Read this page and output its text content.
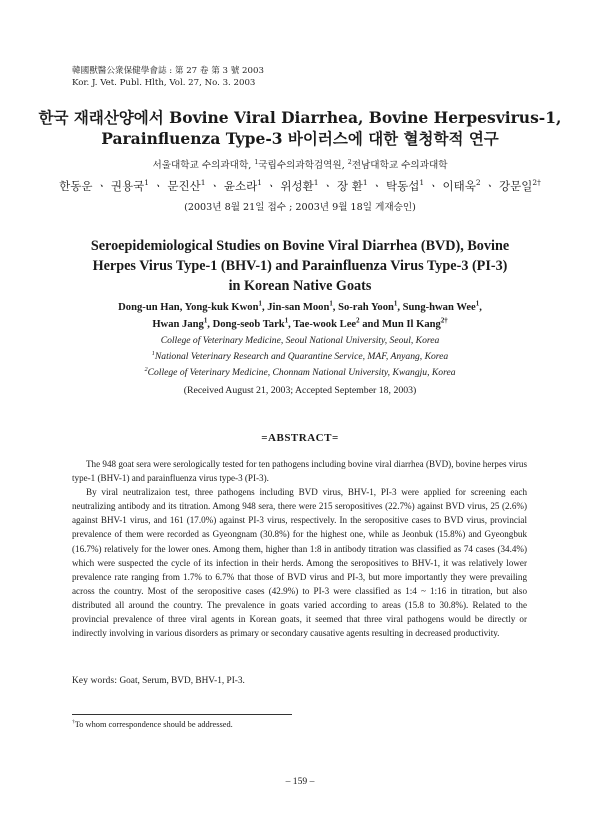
韓國獸醫公衆保健學會誌 : 第 27 卷 第 3 號 2003
Kor. J. Vet. Publ. Hlth, Vol. 27, No. 3. 2003
한국 재래산양에서 Bovine Viral Diarrhea, Bovine Herpesvirus-1,
Parainfluenza Type-3 바이러스에 대한 혈청학적 연구
서울대학교 수의과대학, $^1$국립수의과학검역원, $^2$전남대학교 수의과대학
한동운 ㆍ 권용국$^1$ ㆍ 문진산$^1$ ㆍ 윤소라$^1$ ㆍ 위성환$^1$ ㆍ 장 환$^1$ ㆍ 탁동섭$^1$ ㆍ 이태욱$^2$ ㆍ 강문일$^{2\dagger}$
(2003년 8월 21일 접수 ; 2003년 9월 18일 게재승인)
Seroepidemiological Studies on Bovine Viral Diarrhea (BVD), Bovine
Herpes Virus Type-1 (BHV-1) and Parainfluenza Virus Type-3 (PI-3)
in Korean Native Goats
Dong-un Han, Yong-kuk Kwon$^1$, Jin-san Moon$^1$, So-rah Yoon$^1$, Sung-hwan Wee$^1$,
Hwan Jang$^1$, Dong-seob Tark$^1$, Tae-wook Lee$^2$ and Mun Il Kang$^{2\dagger}$
College of Veterinary Medicine, Seoul National University, Seoul, Korea
$^1$National Veterinary Research and Quarantine Service, MAF, Anyang, Korea
$^2$College of Veterinary Medicine, Chonnam National University, Kwangju, Korea
(Received August 21, 2003; Accepted September 18, 2003)
=ABSTRACT=

The 948 goat sera were serologically tested for ten pathogens including bovine viral diarrhea (BVD), bovine herpes virus type-1 (BHV-1) and parainfluenza virus type-3 (PI-3).

By viral neutralizaion test, three pathogens including BVD virus, BHV-1, PI-3 were applied for screening each neutralizing antibody and its titration. Among 948 sera, there were 215 seropositives (22.7%) against BVD virus, 25 (2.6%) against BHV-1 virus, and 161 (17.0%) against PI-3 virus, respectively. In the seropositive cases to BVD virus, provincial prevalence of them were recorded as Gyeongnam (30.8%) for the highest one, while as Jeonbuk (15.8%) and Gyeongbuk (16.7%) relatively for the lower ones. Among them, higher than 1:8 in antibody titration was classified as 74 cases (34.4%) which were suspected the cycle of its infection in their herds. Among the seropositives to BHV-1, it was relatively lower prevalence rate ranging from 1.7% to 6.7% that those of BVD virus and PI-3, but more importantly they were prevailing across the country. Most of the seropositive cases (42.9%) to PI-3 were classified as 1:4 ~ 1:16 in titration, but also distributed all around the country. The prevalence in goats varied according to areas (15.8 to 30.8%). Related to the provincial prevalence of three viral agents in Korean goats, it seemed that three viral pathogens would be directly or indirectly involving in various disorders as primary or secondary causative agents resulting in decreased productivity.

Key words: Goat, Serum, BVD, BHV-1, PI-3.
†To whom correspondence should be addressed.
– 159 –
